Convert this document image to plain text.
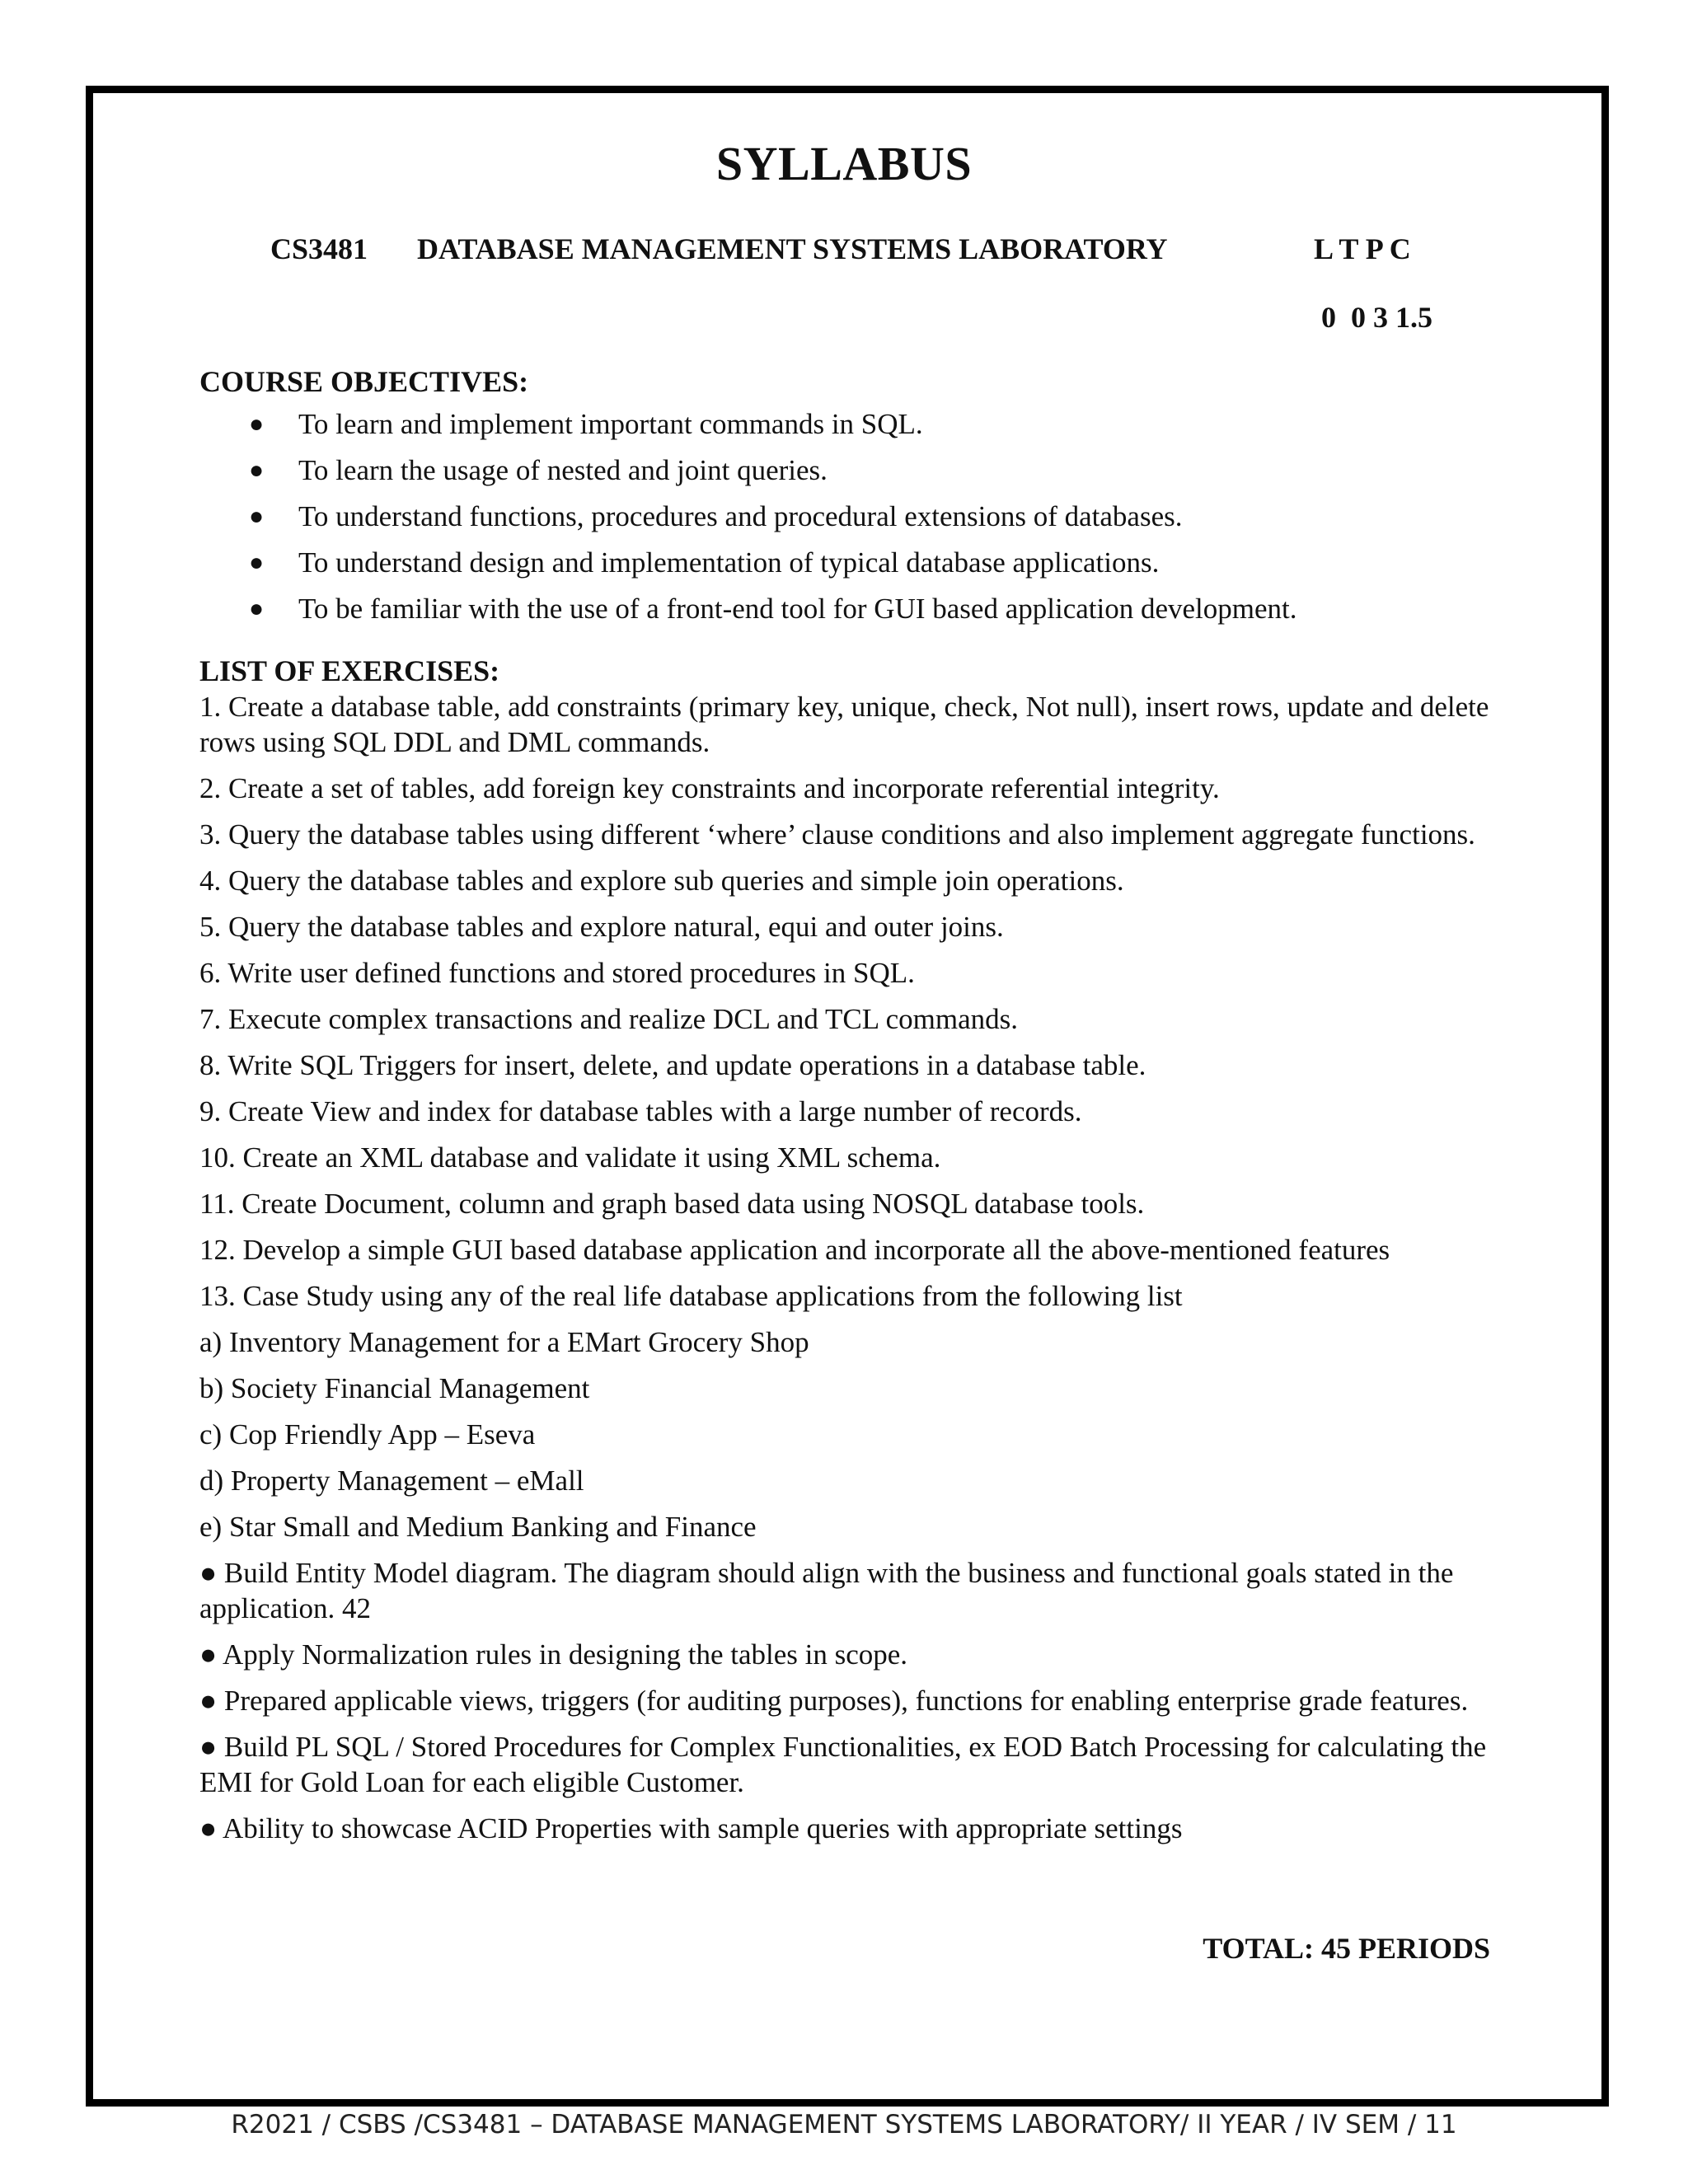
SYLLABUS
CS3481 DATABASE MANAGEMENT SYSTEMS LABORATORY	L T P C
0  0 3 1.5

COURSE OBJECTIVES:

● To learn and implement important commands in SQL.
● To learn the usage of nested and joint queries.
● To understand functions, procedures and procedural extensions of databases.
● To understand design and implementation of typical database applications.
● To be familiar with the use of a front-end tool for GUI based application development.

LIST OF EXERCISES:

1. Create a database table, add constraints (primary key, unique, check, Not null), insert rows, update and delete rows using SQL DDL and DML commands.

2. Create a set of tables, add foreign key constraints and incorporate referential integrity.

3. Query the database tables using different ‘where’ clause conditions and also implement aggregate functions.

4. Query the database tables and explore sub queries and simple join operations.

5. Query the database tables and explore natural, equi and outer joins.

6. Write user defined functions and stored procedures in SQL.

7. Execute complex transactions and realize DCL and TCL commands.

8. Write SQL Triggers for insert, delete, and update operations in a database table.

9. Create View and index for database tables with a large number of records.

10. Create an XML database and validate it using XML schema.

11. Create Document, column and graph based data using NOSQL database tools.

12. Develop a simple GUI based database application and incorporate all the above-mentioned features

13. Case Study using any of the real life database applications from the following list

a) Inventory Management for a EMart Grocery Shop

b) Society Financial Management

c) Cop Friendly App – Eseva

d) Property Management – eMall

e) Star Small and Medium Banking and Finance

● Build Entity Model diagram. The diagram should align with the business and functional goals stated in the application. 42

● Apply Normalization rules in designing the tables in scope.

● Prepared applicable views, triggers (for auditing purposes), functions for enabling enterprise grade features.

● Build PL SQL / Stored Procedures for Complex Functionalities, ex EOD Batch Processing for calculating the EMI for Gold Loan for each eligible Customer.

● Ability to showcase ACID Properties with sample queries with appropriate settings

TOTAL: 45 PERIODS
R2021 / CSBS /CS3481 – DATABASE MANAGEMENT SYSTEMS LABORATORY/ II YEAR / IV SEM / 11
